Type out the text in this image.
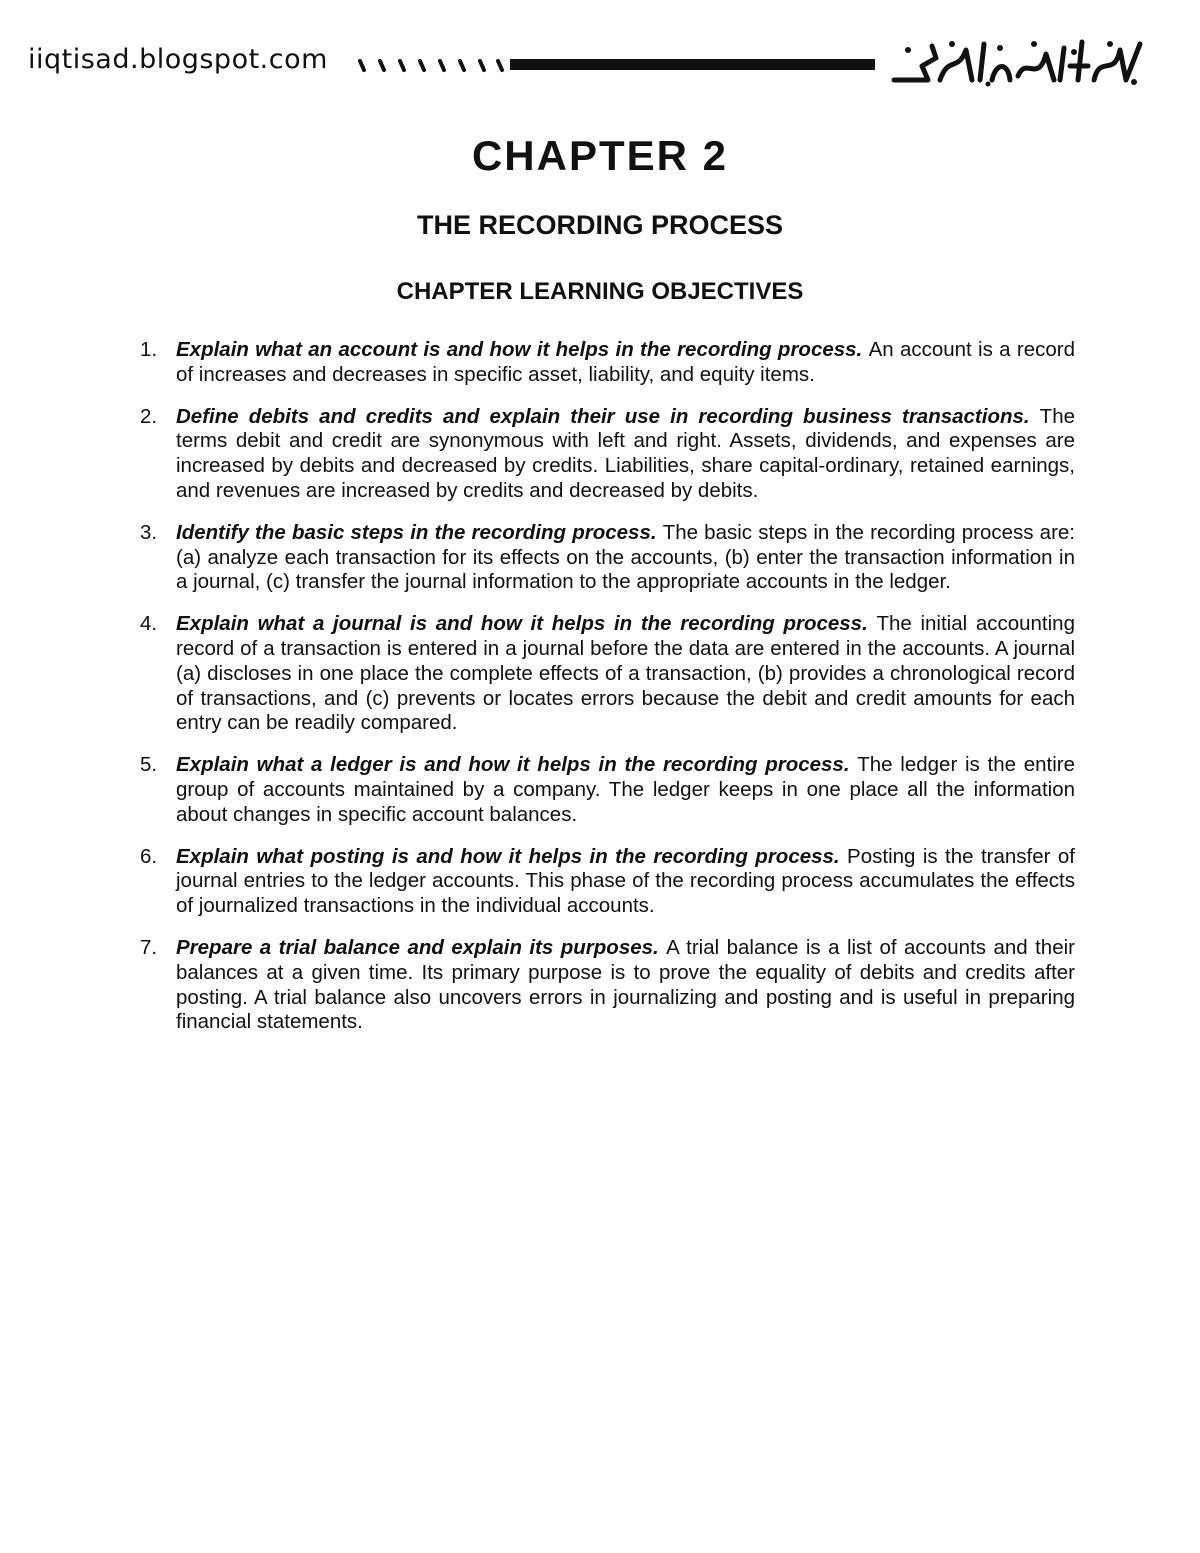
iiqtisad.blogspot.com
CHAPTER 2
THE RECORDING PROCESS
CHAPTER LEARNING OBJECTIVES
1. Explain what an account is and how it helps in the recording process. An account is a record of increases and decreases in specific asset, liability, and equity items.
2. Define debits and credits and explain their use in recording business transactions. The terms debit and credit are synonymous with left and right. Assets, dividends, and expenses are increased by debits and decreased by credits. Liabilities, share capital-ordinary, retained earnings, and revenues are increased by credits and decreased by debits.
3. Identify the basic steps in the recording process. The basic steps in the recording process are: (a) analyze each transaction for its effects on the accounts, (b) enter the transaction information in a journal, (c) transfer the journal information to the appropriate accounts in the ledger.
4. Explain what a journal is and how it helps in the recording process. The initial accounting record of a transaction is entered in a journal before the data are entered in the accounts. A journal (a) discloses in one place the complete effects of a transaction, (b) provides a chronological record of transactions, and (c) prevents or locates errors because the debit and credit amounts for each entry can be readily compared.
5. Explain what a ledger is and how it helps in the recording process. The ledger is the entire group of accounts maintained by a company. The ledger keeps in one place all the information about changes in specific account balances.
6. Explain what posting is and how it helps in the recording process. Posting is the transfer of journal entries to the ledger accounts. This phase of the recording process accumulates the effects of journalized transactions in the individual accounts.
7. Prepare a trial balance and explain its purposes. A trial balance is a list of accounts and their balances at a given time. Its primary purpose is to prove the equality of debits and credits after posting. A trial balance also uncovers errors in journalizing and posting and is useful in preparing financial statements.
